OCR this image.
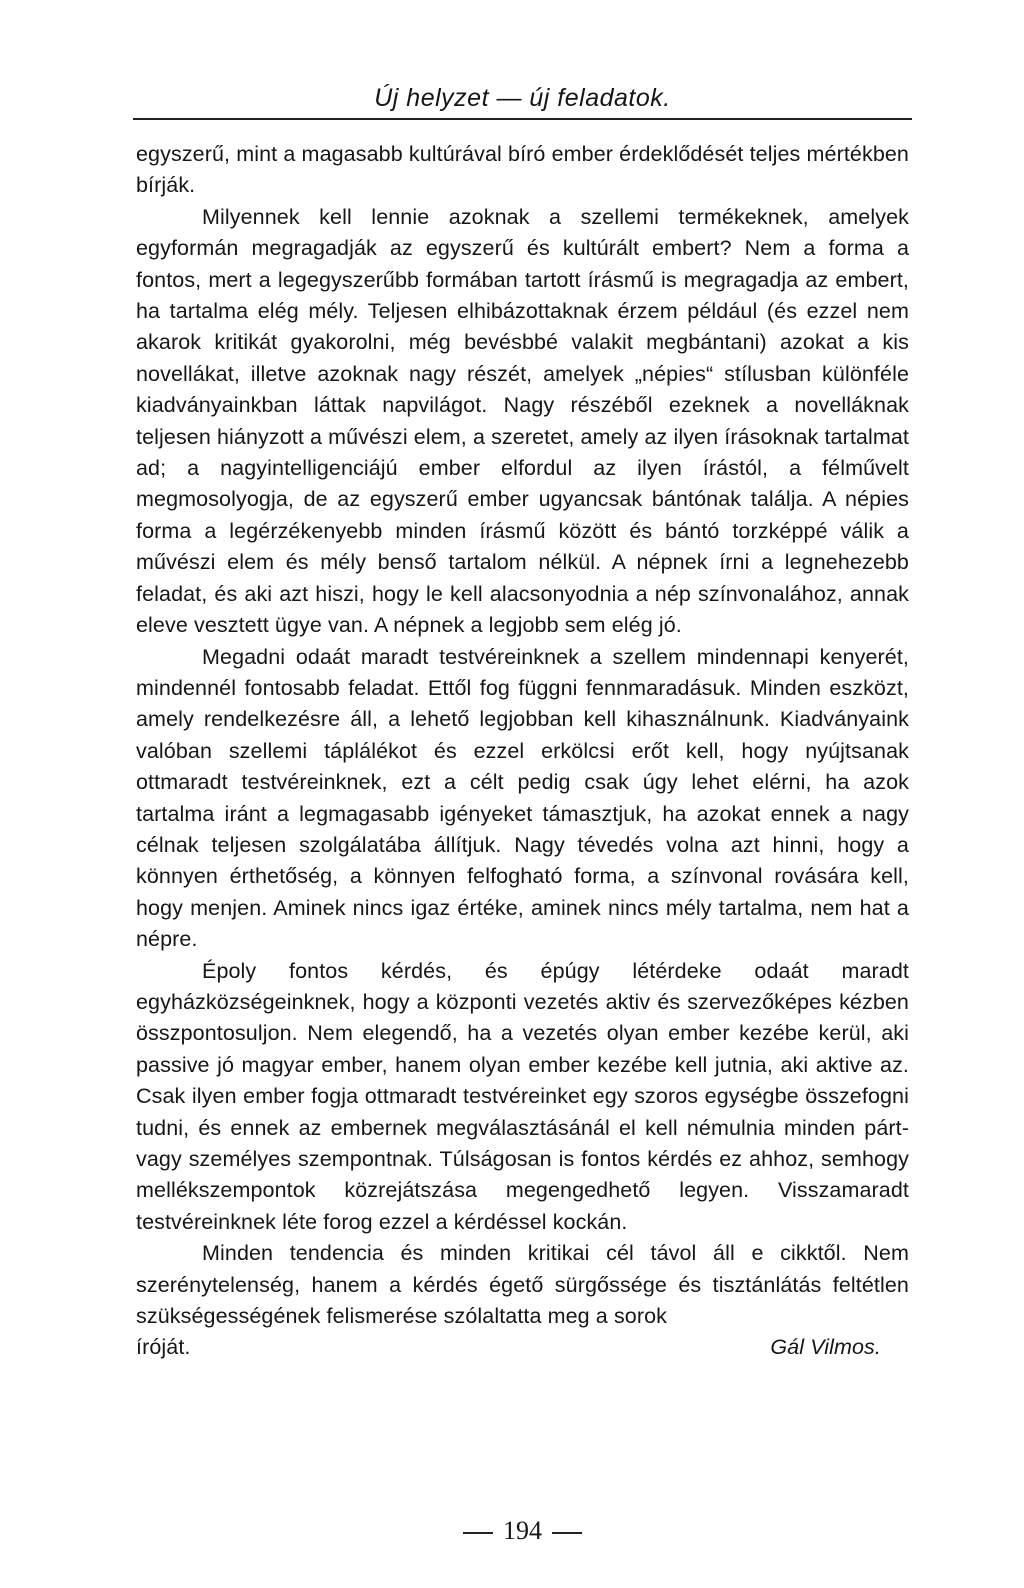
Új helyzet — új feladatok.

egyszerű, mint a magasabb kultúrával bíró ember érdeklődését teljes mértékben bírják.

Milyennek kell lennie azoknak a szellemi termékeknek, amelyek egyformán megragadják az egyszerű és kultúrált embert? Nem a forma a fontos, mert a legegyszerűbb formában tartott írásmű is megragadja az embert, ha tartalma elég mély. Teljesen elhibázottaknak érzem például (és ezzel nem akarok kritikát gyakorolni, még bevésbbé valakit megbántani) azokat a kis novellákat, illetve azoknak nagy részét, amelyek „népies“ stílusban különféle kiadványainkban láttak napvilágot. Nagy részéből ezeknek a novelláknak teljesen hiányzott a művészi elem, a szeretet, amely az ilyen írásoknak tartalmat ad; a nagyintelligenciájú ember elfordul az ilyen írástól, a félművelt megmosolyogja, de az egyszerű ember ugyancsak bántónak találja. A népies forma a legérzékenyebb minden írásmű között és bántó torzképpé válik a művészi elem és mély benső tartalom nélkül. A népnek írni a legnehezebb feladat, és aki azt hiszi, hogy le kell alacsonyodnia a nép színvonalához, annak eleve vesztett ügye van. A népnek a legjobb sem elég jó.

Megadni odaát maradt testvéreinknek a szellem mindennapi kenyerét, mindennél fontosabb feladat. Ettől fog függni fennmaradásuk. Minden eszközt, amely rendelkezésre áll, a lehető legjobban kell kihasználnunk. Kiadványaink valóban szellemi táplálékot és ezzel erkölcsi erőt kell, hogy nyújtsanak ottmaradt testvéreinknek, ezt a célt pedig csak úgy lehet elérni, ha azok tartalma iránt a legmagasabb igényeket támasztjuk, ha azokat ennek a nagy célnak teljesen szolgálatába állítjuk. Nagy tévedés volna azt hinni, hogy a könnyen érthetőség, a könnyen felfogható forma, a színvonal rovására kell, hogy menjen. Aminek nincs igaz értéke, aminek nincs mély tartalma, nem hat a népre.

Époly fontos kérdés, és épúgy létérdeke odaát maradt egyházközségeinknek, hogy a központi vezetés aktiv és szervezőképes kézben összpontosuljon. Nem elegendő, ha a vezetés olyan ember kezébe kerül, aki passive jó magyar ember, hanem olyan ember kezébe kell jutnia, aki aktive az. Csak ilyen ember fogja ottmaradt testvéreinket egy szoros egységbe összefogni tudni, és ennek az embernek megválasztásánál el kell némulnia minden párt- vagy személyes szempontnak. Túlságosan is fontos kérdés ez ahhoz, semhogy mellékszempontok közrejátszása megengedhető legyen. Visszamaradt testvéreinknek léte forog ezzel a kérdéssel kockán.

Minden tendencia és minden kritikai cél távol áll e cikktől. Nem szerénytelenség, hanem a kérdés égető sürgőssége és tisztánlátás feltétlen szükségességének felismerése szólaltatta meg a sorok

íróját.	Gál Vilmos.
194
